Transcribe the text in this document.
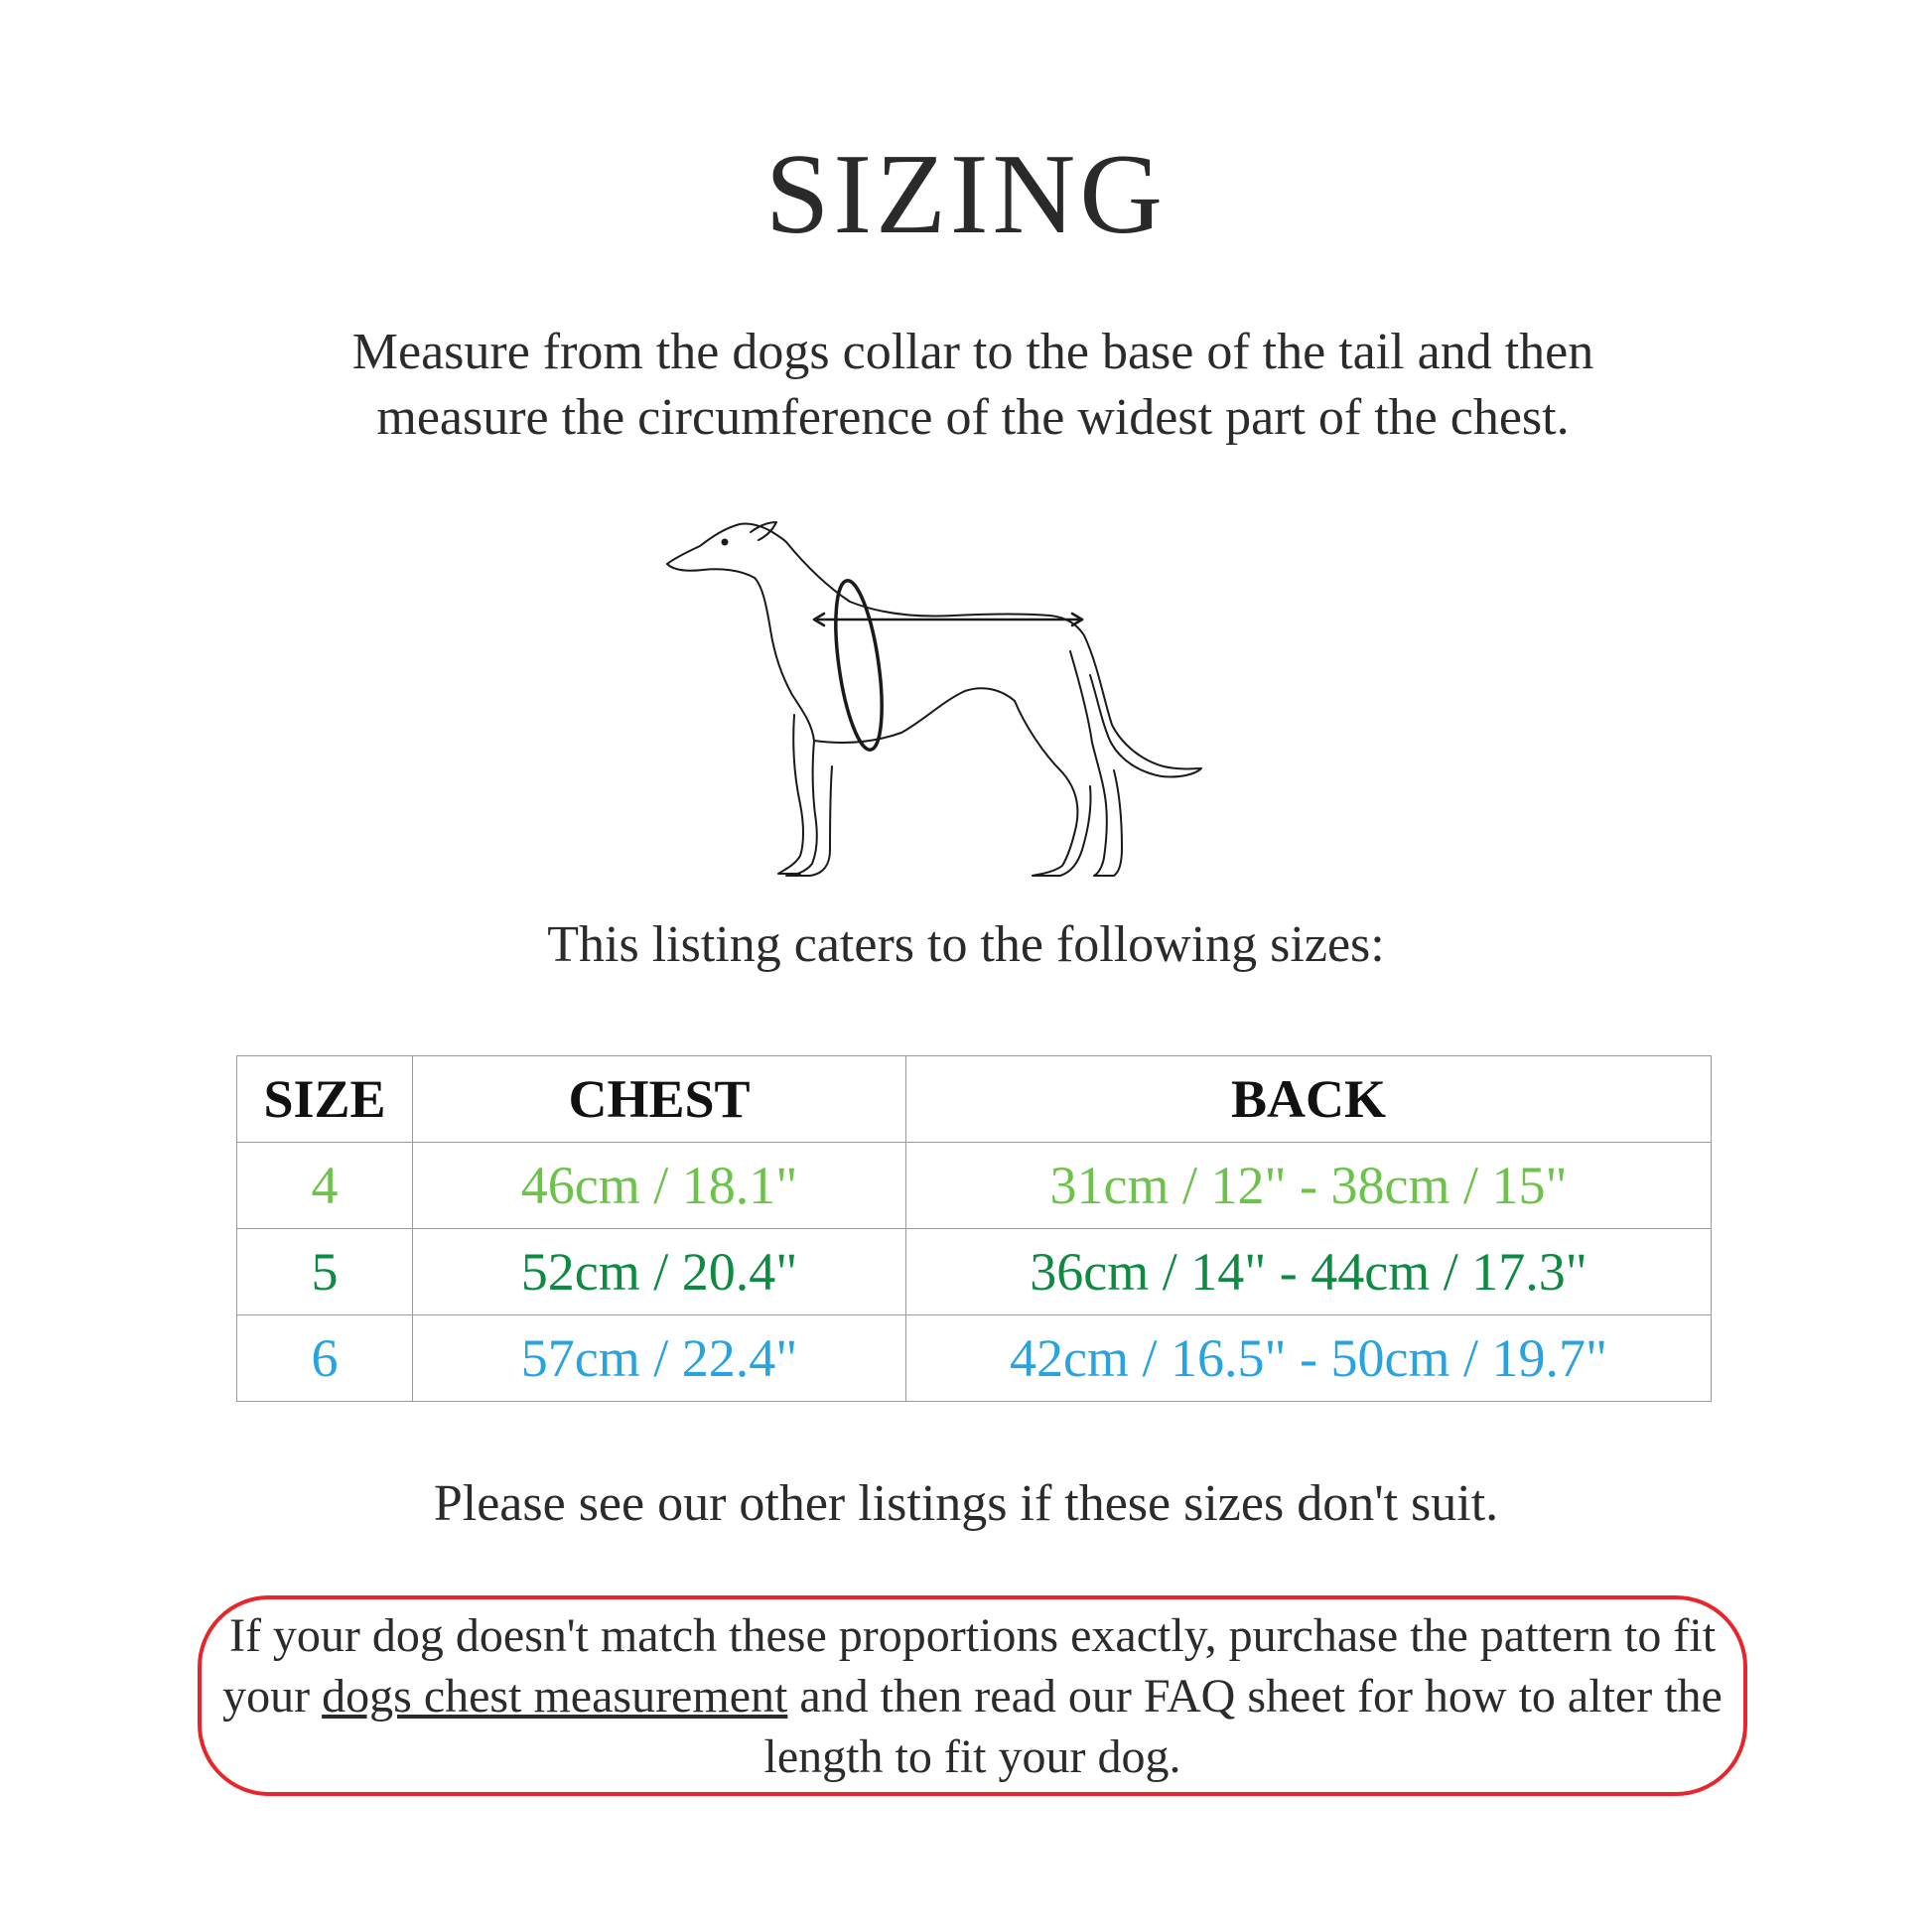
SIZING
Measure from the dogs collar to the base of the tail and then
measure the circumference of the widest part of the chest.
This listing caters to the following sizes:
SIZE	CHEST	BACK
4	46cm / 18.1"	31cm / 12" - 38cm / 15"
5	52cm / 20.4"	36cm / 14" - 44cm / 17.3"
6	57cm / 22.4"	42cm / 16.5" - 50cm / 19.7"
Please see our other listings if these sizes don't suit.
If your dog doesn't match these proportions exactly, purchase the pattern to fit your dogs chest measurement and then read our FAQ sheet for how to alter the length to fit your dog.
